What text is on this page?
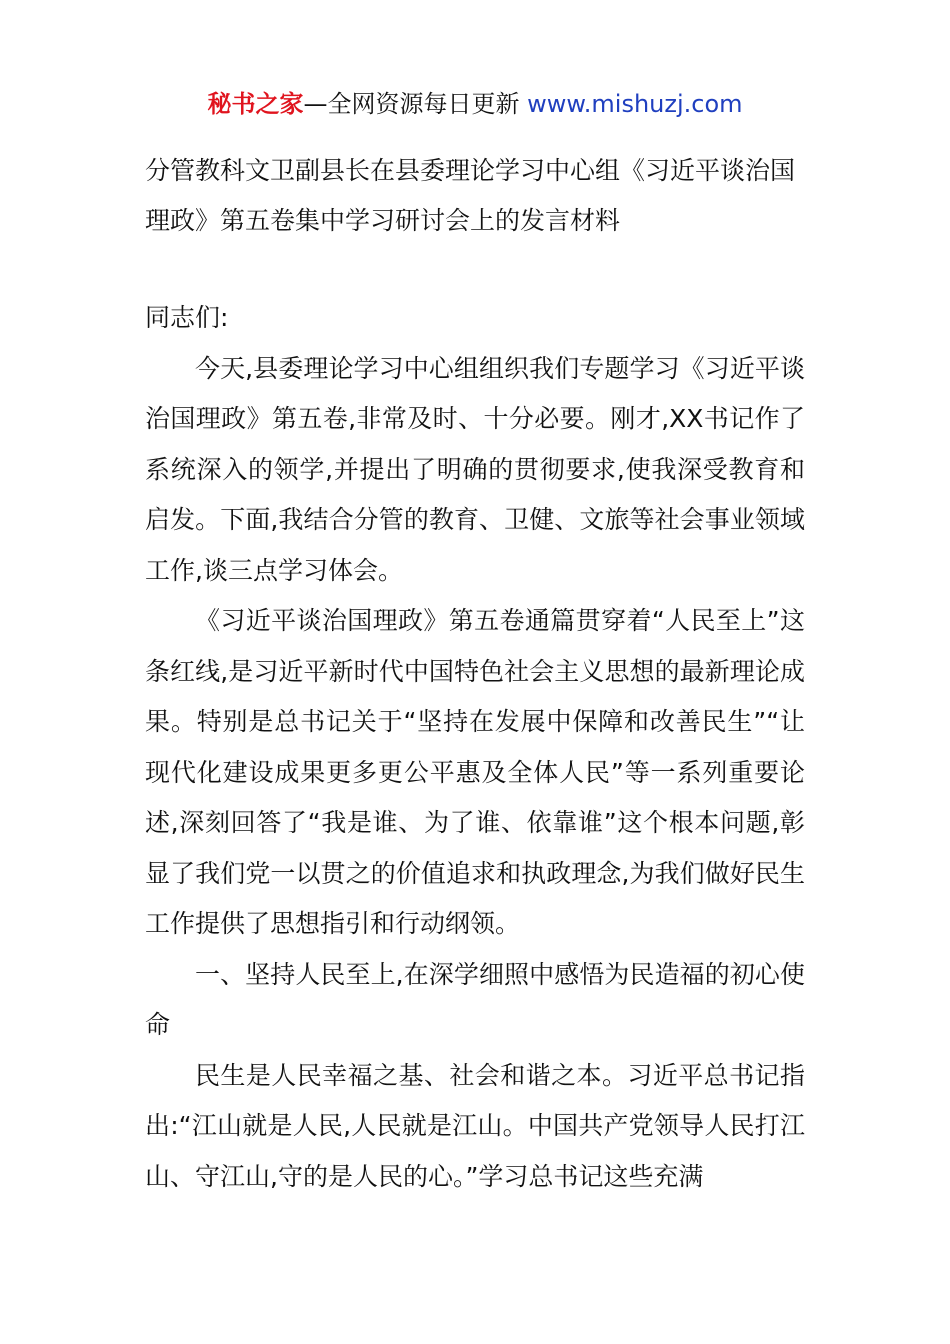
秘书之家—全网资源每日更新 www.mishuzj.com
分管教科文卫副县长在县委理论学习中心组《习近平谈治国理政》第五卷集中学习研讨会上的发言材料

同志们:

今天,县委理论学习中心组组织我们专题学习《习近平谈治国理政》第五卷,非常及时、十分必要。刚才,XX书记作了系统深入的领学,并提出了明确的贯彻要求,使我深受教育和启发。下面,我结合分管的教育、卫健、文旅等社会事业领域工作,谈三点学习体会。

《习近平谈治国理政》第五卷通篇贯穿着“人民至上”这条红线,是习近平新时代中国特色社会主义思想的最新理论成果。特别是总书记关于“坚持在发展中保障和改善民生”“让现代化建设成果更多更公平惠及全体人民”等一系列重要论述,深刻回答了“我是谁、为了谁、依靠谁”这个根本问题,彰显了我们党一以贯之的价值追求和执政理念,为我们做好民生工作提供了思想指引和行动纲领。

一、坚持人民至上,在深学细照中感悟为民造福的初心使命

民生是人民幸福之基、社会和谐之本。习近平总书记指出:“江山就是人民,人民就是江山。中国共产党领导人民打江山、守江山,守的是人民的心。”学习总书记这些充满
